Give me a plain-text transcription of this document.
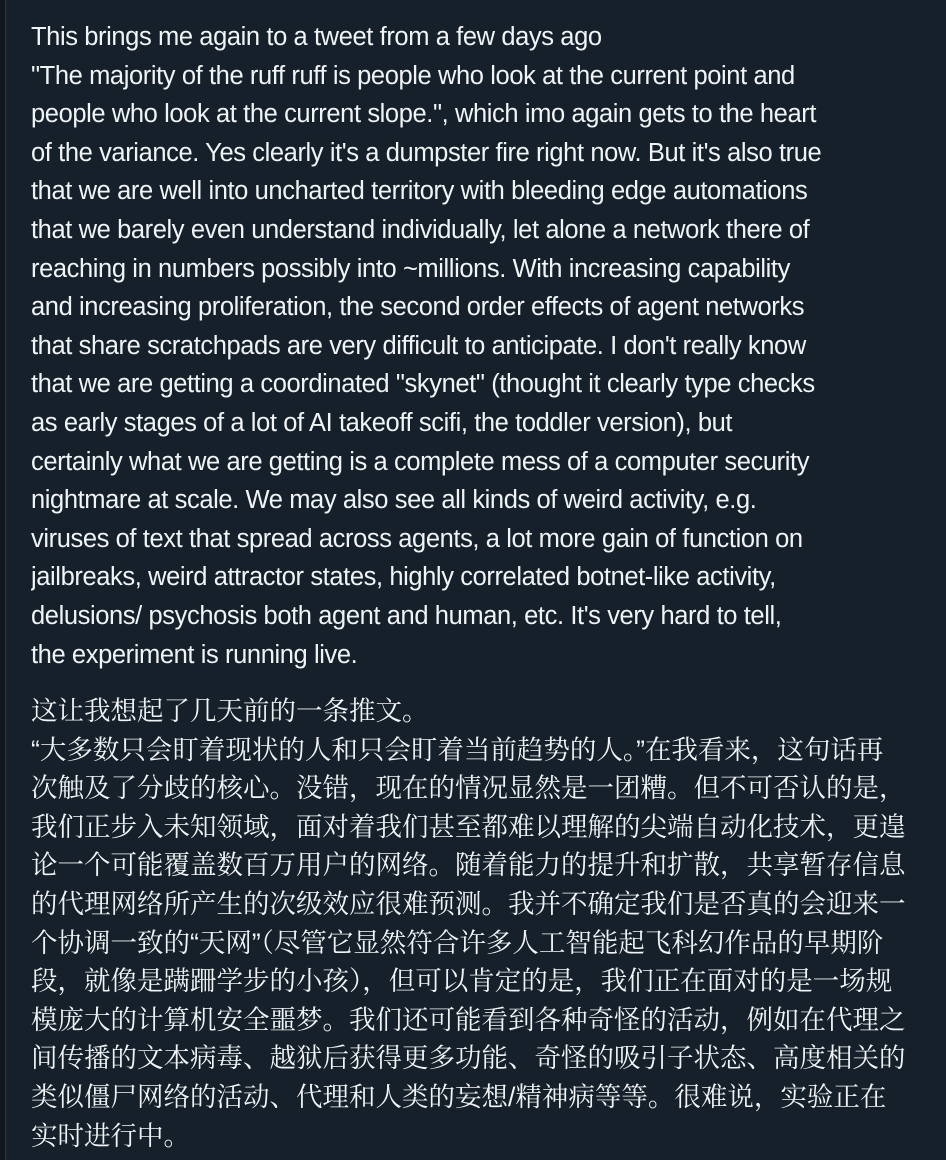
This brings me again to a tweet from a few days ago
"The majority of the ruff ruff is people who look at the current point and
people who look at the current slope.", which imo again gets to the heart
of the variance. Yes clearly it's a dumpster fire right now. But it's also true
that we are well into uncharted territory with bleeding edge automations
that we barely even understand individually, let alone a network there of
reaching in numbers possibly into ~millions. With increasing capability
and increasing proliferation, the second order effects of agent networks
that share scratchpads are very difficult to anticipate. I don't really know
that we are getting a coordinated "skynet" (thought it clearly type checks
as early stages of a lot of AI takeoff scifi, the toddler version), but
certainly what we are getting is a complete mess of a computer security
nightmare at scale. We may also see all kinds of weird activity, e.g.
viruses of text that spread across agents, a lot more gain of function on
jailbreaks, weird attractor states, highly correlated botnet-like activity,
delusions/ psychosis both agent and human, etc. It's very hard to tell,
the experiment is running live.
这让我想起了几天前的一条推文。
“大多数只会盯着现状的人和只会盯着当前趋势的人。”在我看来，这句话再
次触及了分歧的核心。没错，现在的情况显然是一团糟。但不可否认的是，
我们正步入未知领域，面对着我们甚至都难以理解的尖端自动化技术，更遑
论一个可能覆盖数百万用户的网络。随着能力的提升和扩散，共享暂存信息
的代理网络所产生的次级效应很难预测。我并不确定我们是否真的会迎来一
个协调一致的“天网”（尽管它显然符合许多人工智能起飞科幻作品的早期阶
段，就像是蹒跚学步的小孩），但可以肯定的是，我们正在面对的是一场规
模庞大的计算机安全噩梦。我们还可能看到各种奇怪的活动，例如在代理之
间传播的文本病毒、越狱后获得更多功能、奇怪的吸引子状态、高度相关的
类似僵尸网络的活动、代理和人类的妄想/精神病等等。很难说，实验正在
实时进行中。
